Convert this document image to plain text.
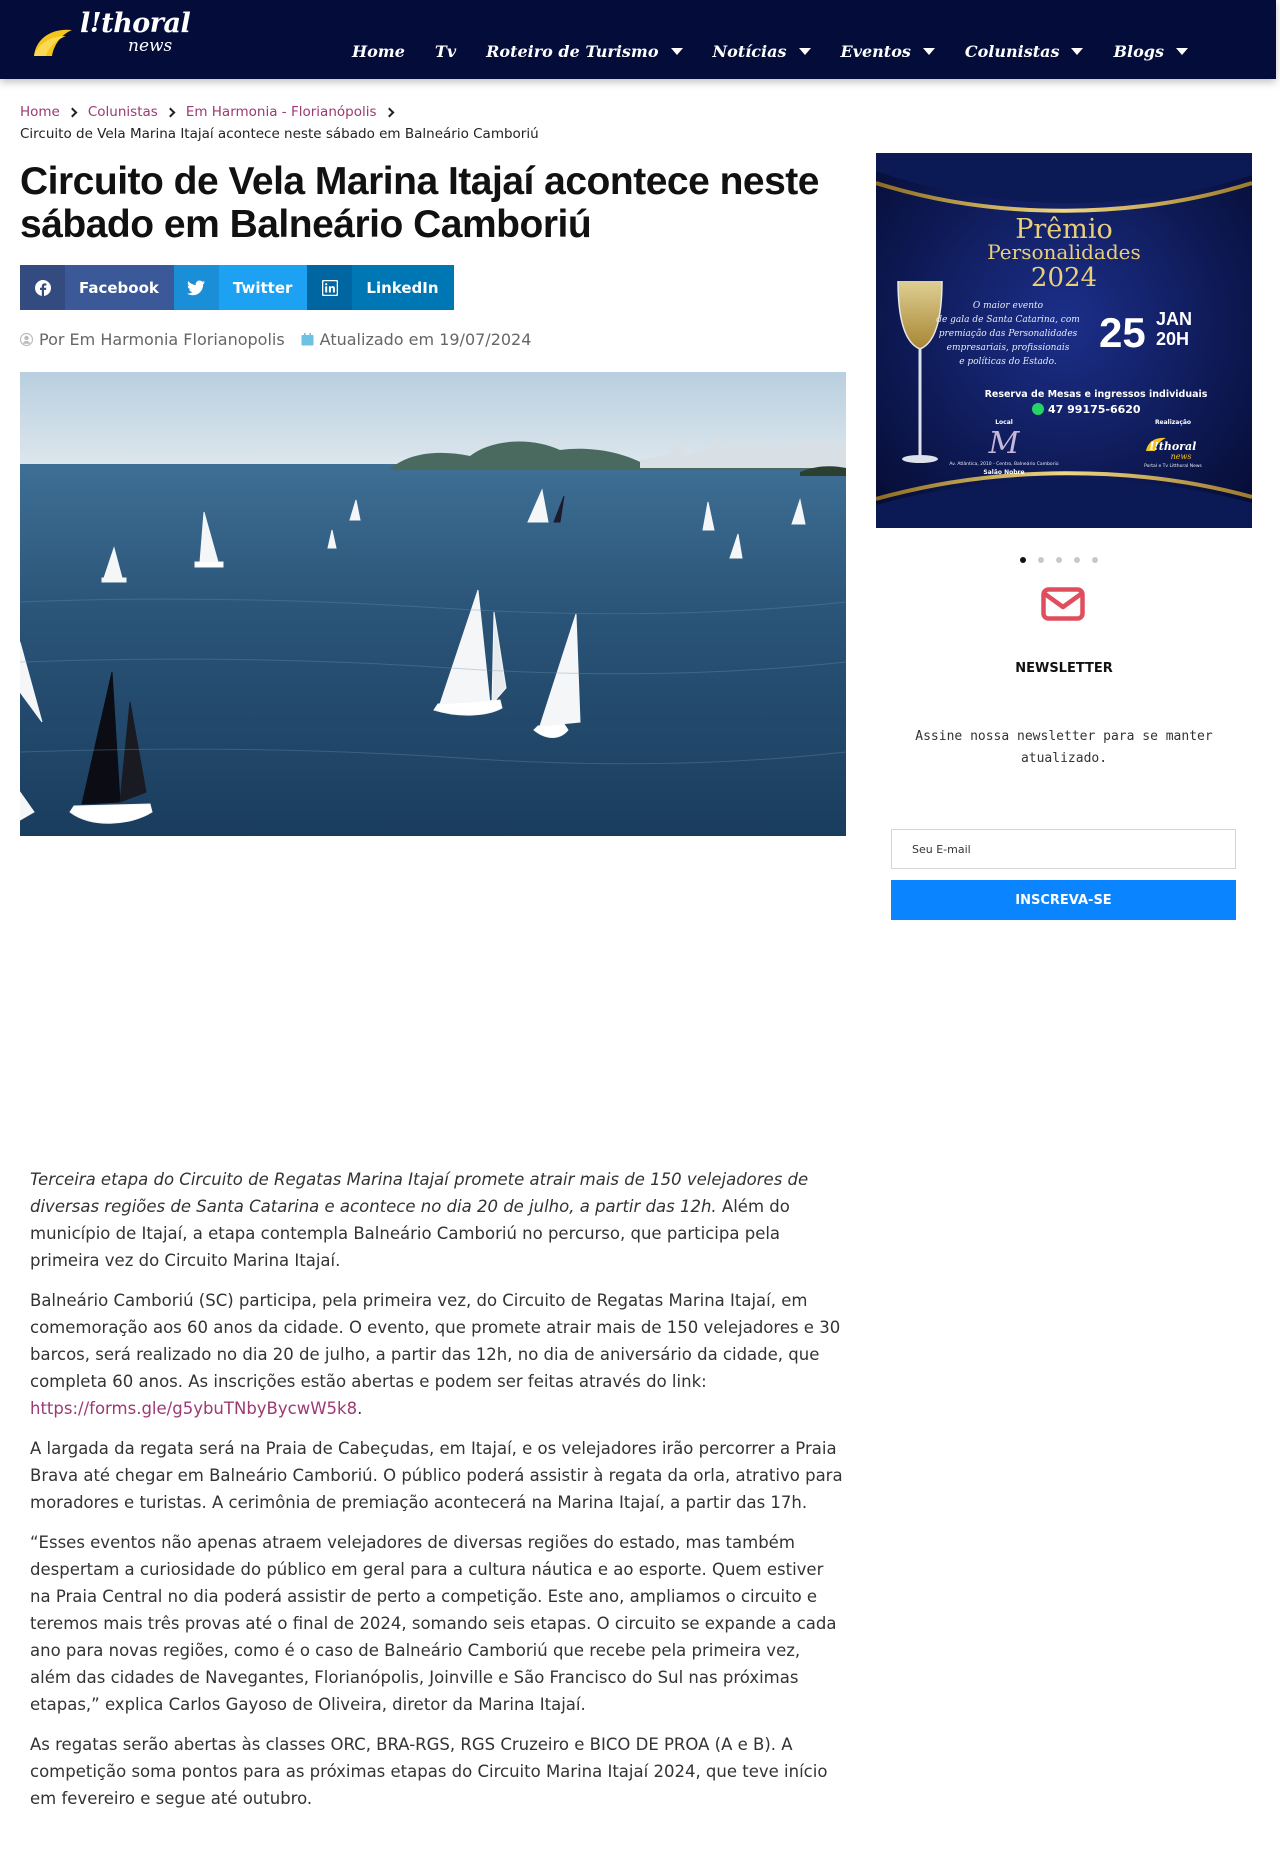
l!thoral
news	Home Tv Roteiro de Turismo	Notícias	Eventos	Colunistas	Blogs
Home Colunistas Em Harmonia - Florianópolis
Circuito de Vela Marina Itajaí acontece neste sábado em Balneário Camboriú
Circuito de Vela Marina Itajaí acontece neste sábado em Balneário Camboriú
Facebook	Twitter	LinkedIn
Por Em Harmonia Florianopolis Atualizado em 19/07/2024
Prêmio
Personalidades
2024
O maior evento
de gala de Santa Catarina, com
premiação das Personalidades
empresariais, profissionais
e políticas do Estado.
25 JAN
20H
Reserva de Mesas e ingressos individuais
47 99175-6620
Local
M
Av. Atlântica, 2010 - Centro, Balneário Camboriú
Salão Nobre
Realização
l!thoral
news
Portal e Tv Litthoral News
NEWSLETTER
Assine nossa newsletter para se manter atualizado.
Seu E-mail
INSCREVA-SE

Terceira etapa do Circuito de Regatas Marina Itajaí promete atrair mais de 150 velejadores de diversas regiões de Santa Catarina e acontece no dia 20 de julho, a partir das 12h. Além do município de Itajaí, a etapa contempla Balneário Camboriú no percurso, que participa pela primeira vez do Circuito Marina Itajaí.

Balneário Camboriú (SC) participa, pela primeira vez, do Circuito de Regatas Marina Itajaí, em comemoração aos 60 anos da cidade. O evento, que promete atrair mais de 150 velejadores e 30 barcos, será realizado no dia 20 de julho, a partir das 12h, no dia de aniversário da cidade, que completa 60 anos. As inscrições estão abertas e podem ser feitas através do link: https://forms.gle/g5ybuTNbyBycwW5k8.

A largada da regata será na Praia de Cabeçudas, em Itajaí, e os velejadores irão percorrer a Praia Brava até chegar em Balneário Camboriú. O público poderá assistir à regata da orla, atrativo para moradores e turistas. A cerimônia de premiação acontecerá na Marina Itajaí, a partir das 17h.

“Esses eventos não apenas atraem velejadores de diversas regiões do estado, mas também despertam a curiosidade do público em geral para a cultura náutica e ao esporte. Quem estiver na Praia Central no dia poderá assistir de perto a competição. Este ano, ampliamos o circuito e teremos mais três provas até o final de 2024, somando seis etapas. O circuito se expande a cada ano para novas regiões, como é o caso de Balneário Camboriú que recebe pela primeira vez, além das cidades de Navegantes, Florianópolis, Joinville e São Francisco do Sul nas próximas etapas,” explica Carlos Gayoso de Oliveira, diretor da Marina Itajaí.

As regatas serão abertas às classes ORC, BRA-RGS, RGS Cruzeiro e BICO DE PROA (A e B). A competição soma pontos para as próximas etapas do Circuito Marina Itajaí 2024, que teve início em fevereiro e segue até outubro.
